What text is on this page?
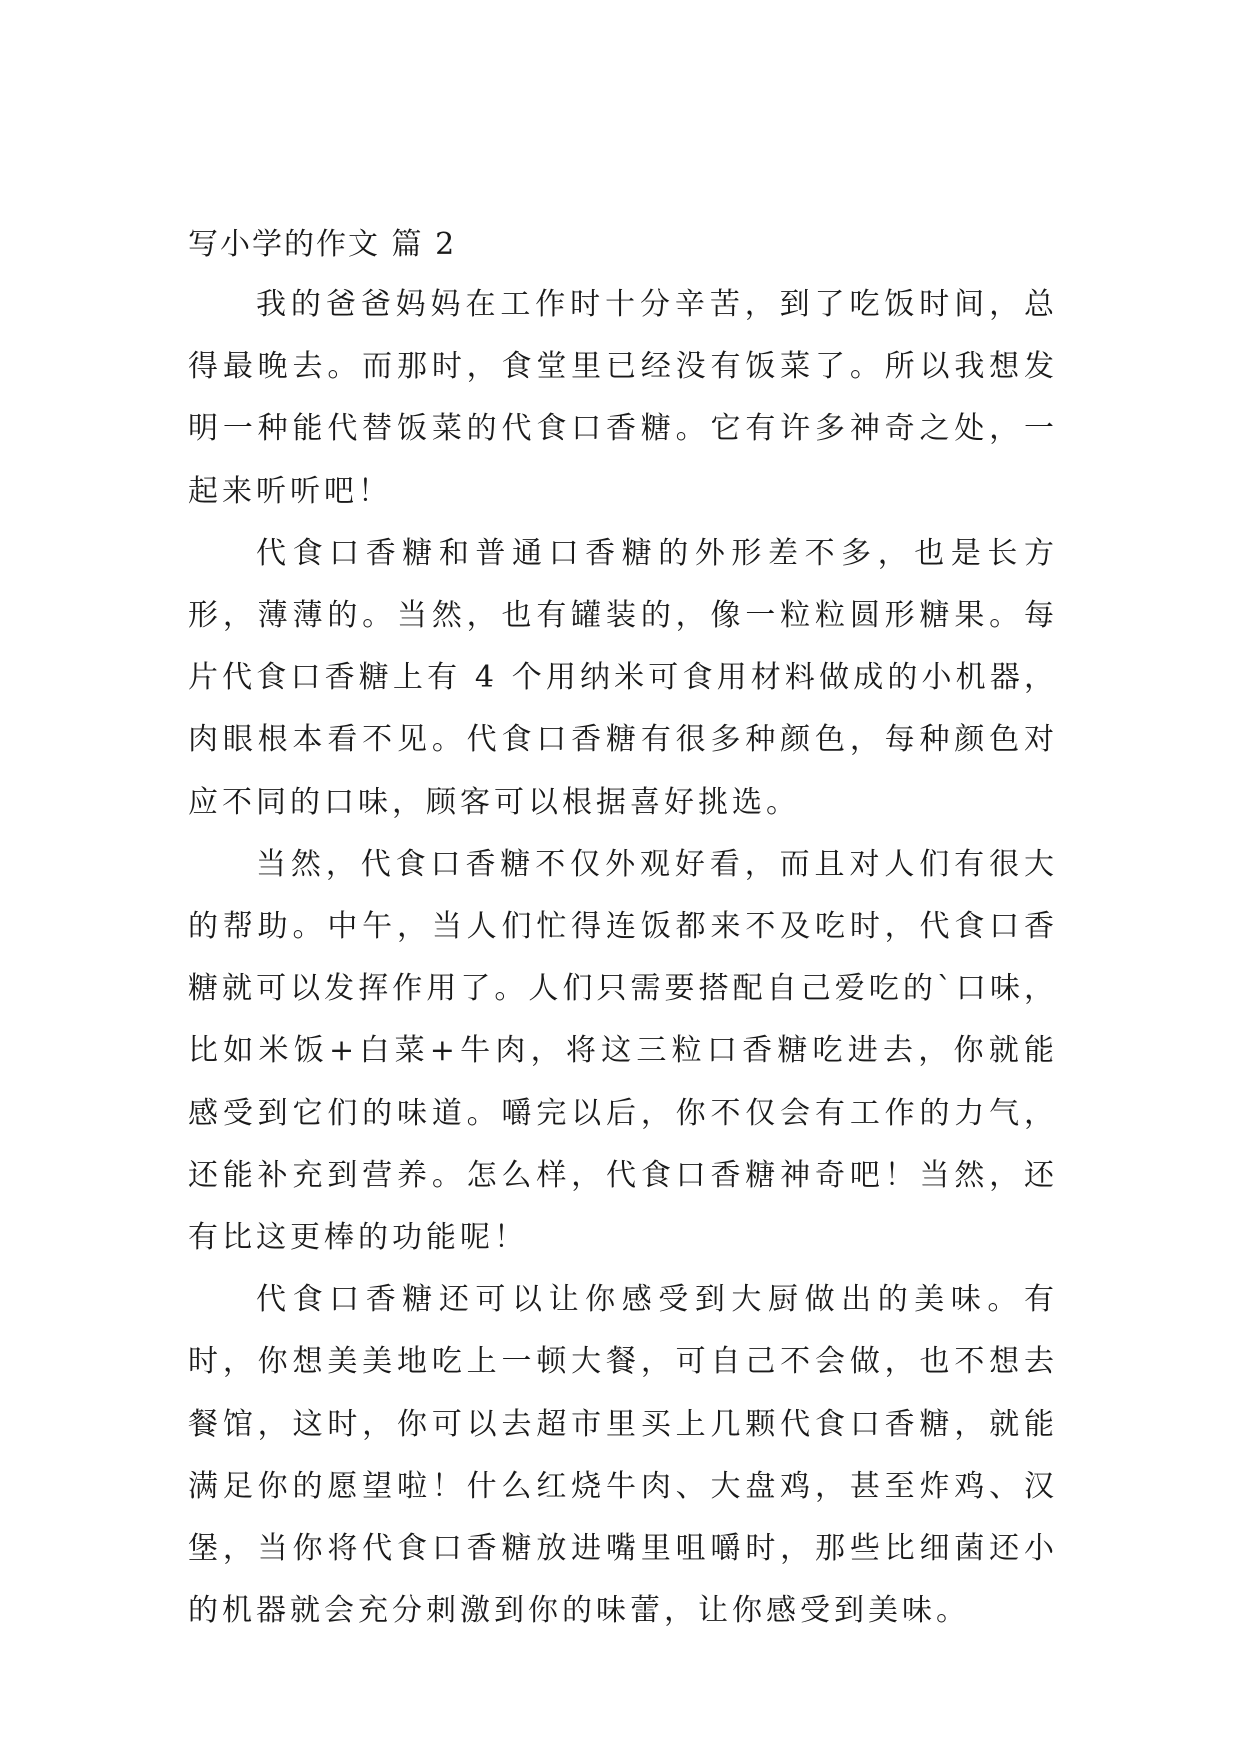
写小学的作文 篇 2

我的爸爸妈妈在工作时十分辛苦，到了吃饭时间，总得最晚去。而那时，食堂里已经没有饭菜了。所以我想发明一种能代替饭菜的代食口香糖。它有许多神奇之处，一起来听听吧！

代食口香糖和普通口香糖的外形差不多，也是长方形，薄薄的。当然，也有罐装的，像一粒粒圆形糖果。每片代食口香糖上有 4 个用纳米可食用材料做成的小机器，肉眼根本看不见。代食口香糖有很多种颜色，每种颜色对应不同的口味，顾客可以根据喜好挑选。

当然，代食口香糖不仅外观好看，而且对人们有很大的帮助。中午，当人们忙得连饭都来不及吃时，代食口香糖就可以发挥作用了。人们只需要搭配自己爱吃的`口味，比如米饭+白菜+牛肉，将这三粒口香糖吃进去，你就能感受到它们的味道。嚼完以后，你不仅会有工作的力气，还能补充到营养。怎么样，代食口香糖神奇吧！当然，还有比这更棒的功能呢！

代食口香糖还可以让你感受到大厨做出的美味。有时，你想美美地吃上一顿大餐，可自己不会做，也不想去餐馆，这时，你可以去超市里买上几颗代食口香糖，就能满足你的愿望啦！什么红烧牛肉、大盘鸡，甚至炸鸡、汉堡，当你将代食口香糖放进嘴里咀嚼时，那些比细菌还小的机器就会充分刺激到你的味蕾，让你感受到美味。
